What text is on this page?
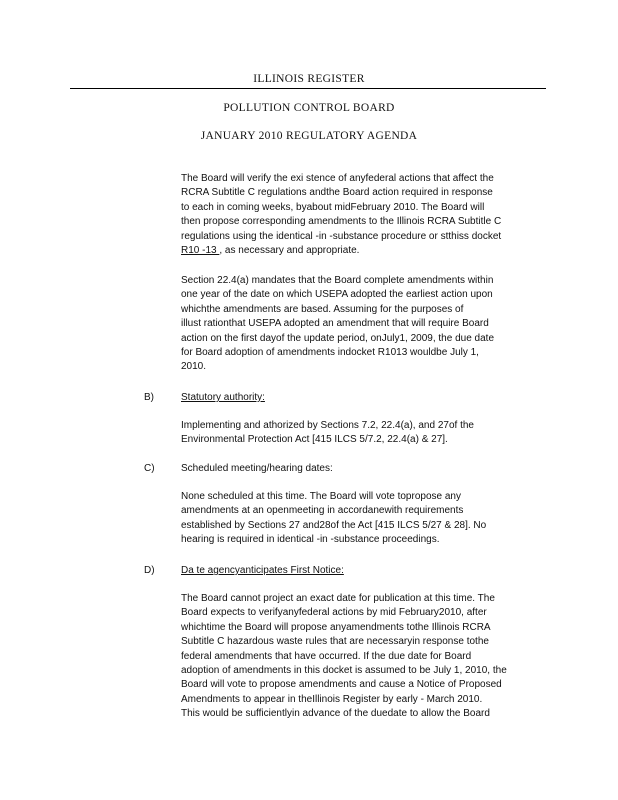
ILLINOIS REGISTER
POLLUTION CONTROL BOARD
JANUARY 2010 REGULATORY AGENDA
The Board will verify the exi stence of anyfederal actions that affect the
RCRA Subtitle C regulations andthe Board action required in response
to each in coming weeks, byabout midFebruary 2010. The Board will
then propose corresponding amendments to the Illinois RCRA Subtitle C
regulations using the identical -in -substance procedure or stthiss docket
R10 -13 , as necessary and appropriate.
Section 22.4(a) mandates that the Board complete amendments within
one year of the date on which USEPA adopted the earliest action upon
whichthe amendments are based. Assuming for the purposes of
illust rationthat USEPA adopted an amendment that will require Board
action on the first dayof the update period, onJuly1, 2009, the due date
for Board adoption of amendments indocket R1013 wouldbe July 1,
2010.
B)	Statutory authority:
Implementing and athorized by Sections 7.2, 22.4(a), and 27of the
Environmental Protection Act [415 ILCS 5/7.2, 22.4(a) & 27].
C)	Scheduled meeting/hearing dates:
None scheduled at this time. The Board will vote topropose any
amendments at an openmeeting in accordanewith requirements
established by Sections 27 and28of the Act [415 ILCS 5/27 & 28]. No
hearing is required in identical -in -substance proceedings.
D)	Da te agencyanticipates First Notice:
The Board cannot project an exact date for publication at this time. The
Board expects to verifyanyfederal actions by mid February2010, after
whichtime the Board will propose anyamendments tothe Illinois RCRA
Subtitle C hazardous waste rules that are necessaryin response tothe
federal amendments that have occurred. If the due date for Board
adoption of amendments in this docket is assumed to be July 1, 2010, the
Board will vote to propose amendments and cause a Notice of Proposed
Amendments to appear in theIllinois Register by early - March 2010.
This would be sufficientlyin advance of the duedate to allow the Board
